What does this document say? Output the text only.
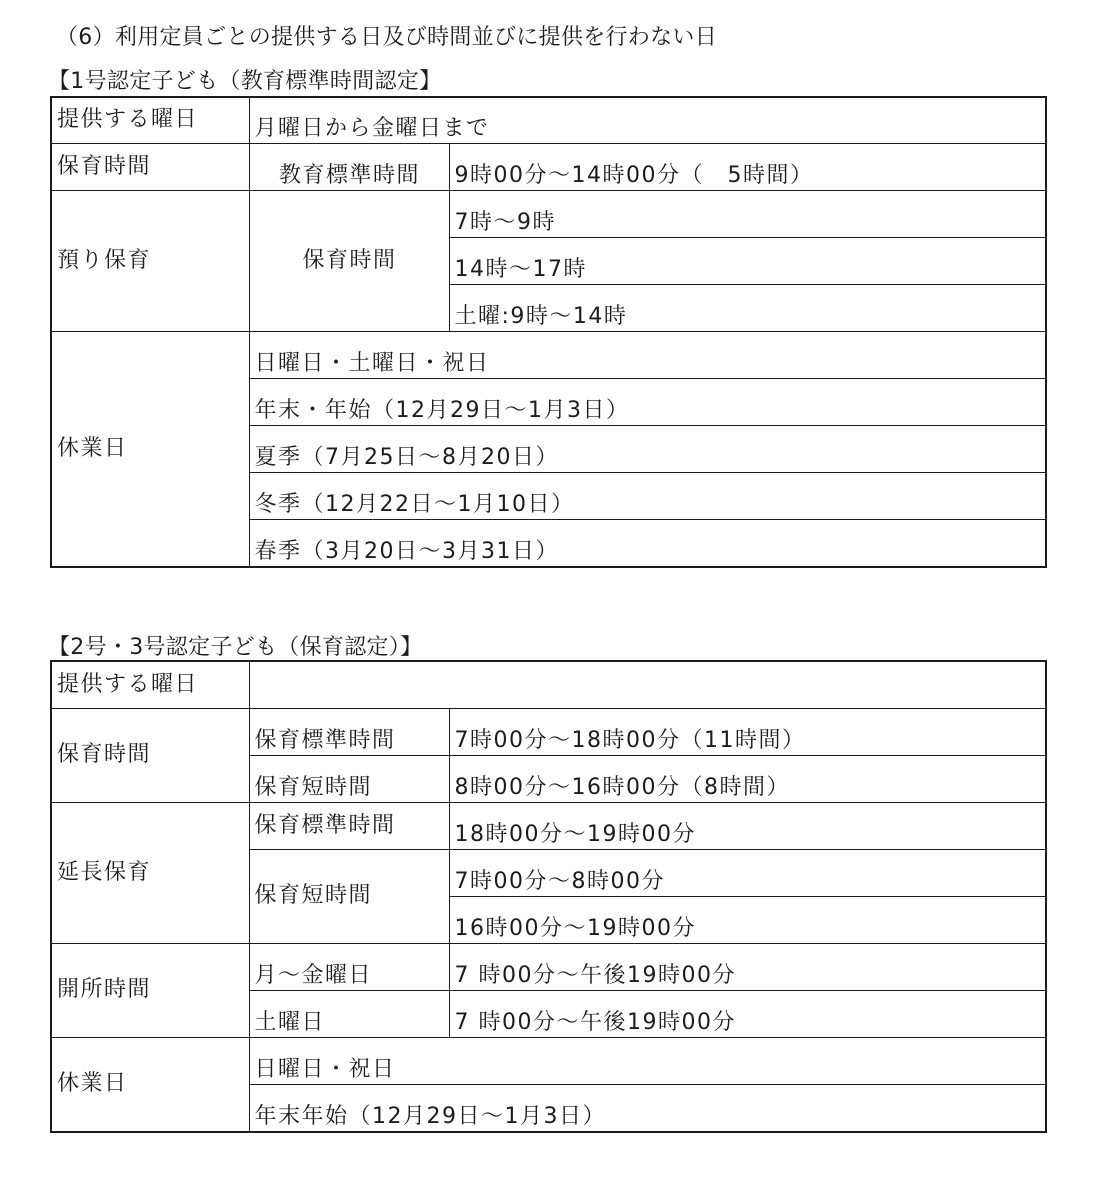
（6）利用定員ごとの提供する日及び時間並びに提供を行わない日
【1号認定子ども（教育標準時間認定】
提供する曜日	月曜日から金曜日まで	
保育時間	教育標準時間	9時00分～14時00分（　5時間）
預り保育	保育時間	7時～9時
		14時～17時
		土曜:9時～14時
休業日	日曜日・土曜日・祝日	
	年末・年始（12月29日～1月3日）	
	夏季（7月25日～8月20日）	
	冬季（12月22日～1月10日）	
	春季（3月20日～3月31日）	
【2号・3号認定子ども（保育認定）】
提供する曜日		
保育時間	保育標準時間	7時00分～18時00分（11時間）
	保育短時間	8時00分～16時00分（8時間）
延長保育	保育標準時間	18時00分～19時00分
	保育短時間	7時00分～8時00分
		16時00分～19時00分
開所時間	月～金曜日	7 時00分～午後19時00分
	土曜日	7 時00分～午後19時00分
休業日	日曜日・祝日	
	年末年始（12月29日～1月3日）	
